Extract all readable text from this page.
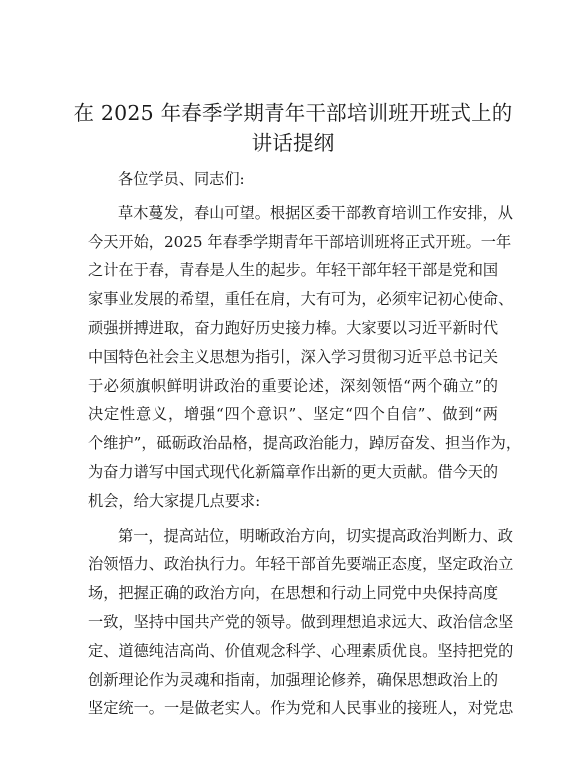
在 2025 年春季学期青年干部培训班开班式上的
讲话提纲
各位学员、同志们:
草木蔓发，春山可望。根据区委干部教育培训工作安排，从
今天开始，2025 年春季学期青年干部培训班将正式开班。一年
之计在于春，青春是人生的起步。年轻干部年轻干部是党和国
家事业发展的希望，重任在肩，大有可为，必须牢记初心使命、
顽强拼搏进取，奋力跑好历史接力棒。大家要以习近平新时代
中国特色社会主义思想为指引，深入学习贯彻习近平总书记关
于必须旗帜鲜明讲政治的重要论述，深刻领悟“两个确立”的
决定性意义，增强“四个意识”、坚定“四个自信”、做到“两
个维护”，砥砺政治品格，提高政治能力，踔厉奋发、担当作为，
为奋力谱写中国式现代化新篇章作出新的更大贡献。借今天的
机会，给大家提几点要求:
第一，提高站位，明晰政治方向，切实提高政治判断力、政
治领悟力、政治执行力。年轻干部首先要端正态度，坚定政治立
场，把握正确的政治方向，在思想和行动上同党中央保持高度
一致，坚持中国共产党的领导。做到理想追求远大、政治信念坚
定、道德纯洁高尚、价值观念科学、心理素质优良。坚持把党的
创新理论作为灵魂和指南，加强理论修养，确保思想政治上的
坚定统一。一是做老实人。作为党和人民事业的接班人，对党忠
